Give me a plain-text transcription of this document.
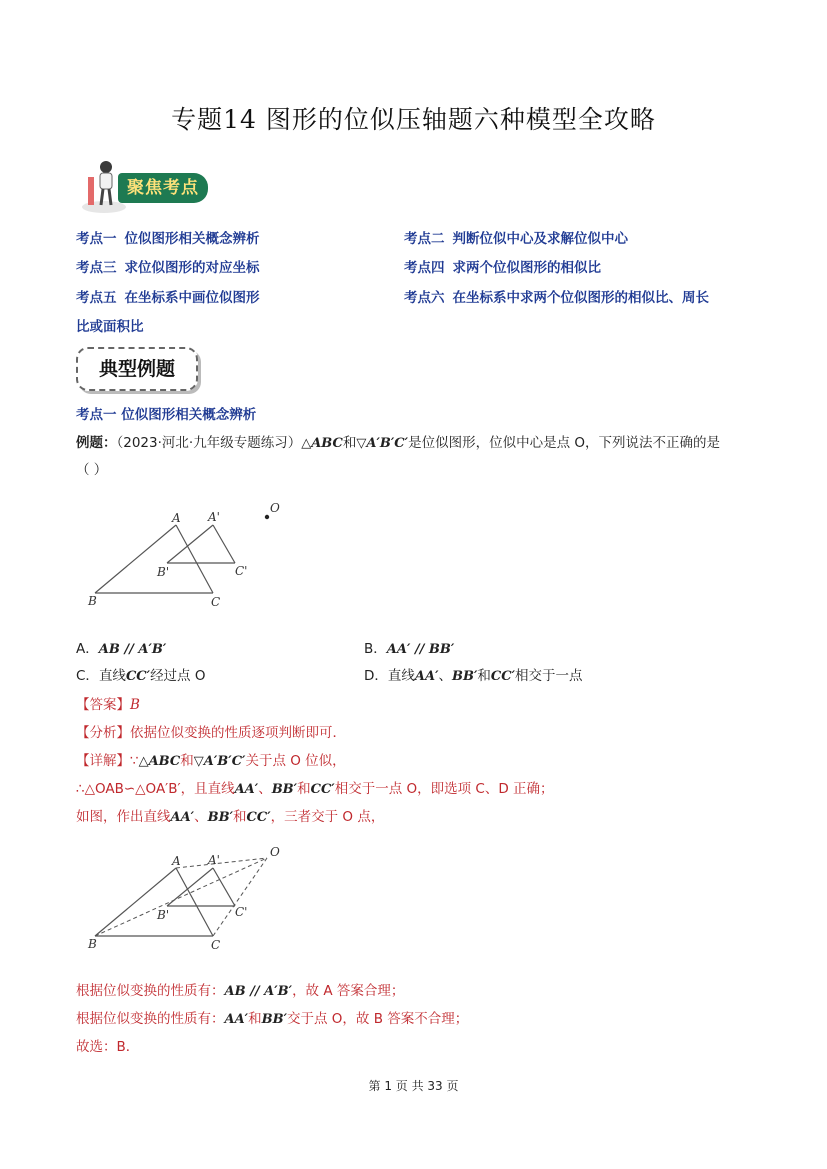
专题14 图形的位似压轴题六种模型全攻略
聚焦考点
考点一 位似图形相关概念辨析	考点二 判断位似中心及求解位似中心
考点三 求位似图形的对应坐标	考点四 求两个位似图形的相似比
考点五 在坐标系中画位似图形	考点六 在坐标系中求两个位似图形的相似比、周长
比或面积比
典型例题
考点一 位似图形相关概念辨析
例题：（2023·河北·九年级专题练习）△ABC和▽A′B′C′是位似图形，位似中心是点 O，下列说法不正确的是
（ ）
A A'
B
B'
C
C'
O
A．AB // A′B′	B．AA′ // BB′
C．直线CC′经过点 O	D．直线AA′、BB′和CC′相交于一点
【答案】B
【分析】依据位似变换的性质逐项判断即可．
【详解】∵△ABC和▽A′B′C′关于点 O 位似，
∴△OAB∽△OA′B′，且直线AA′、BB′和CC′相交于一点 O，即选项 C、D 正确；
如图，作出直线AA′、BB′和CC′，三者交于 O 点，
A A'
B
B'
C
C'
O
根据位似变换的性质有：AB // A′B′，故 A 答案合理；
根据位似变换的性质有：AA′和BB′交于点 O，故 B 答案不合理；
故选：B．
第 1 页 共 33 页
